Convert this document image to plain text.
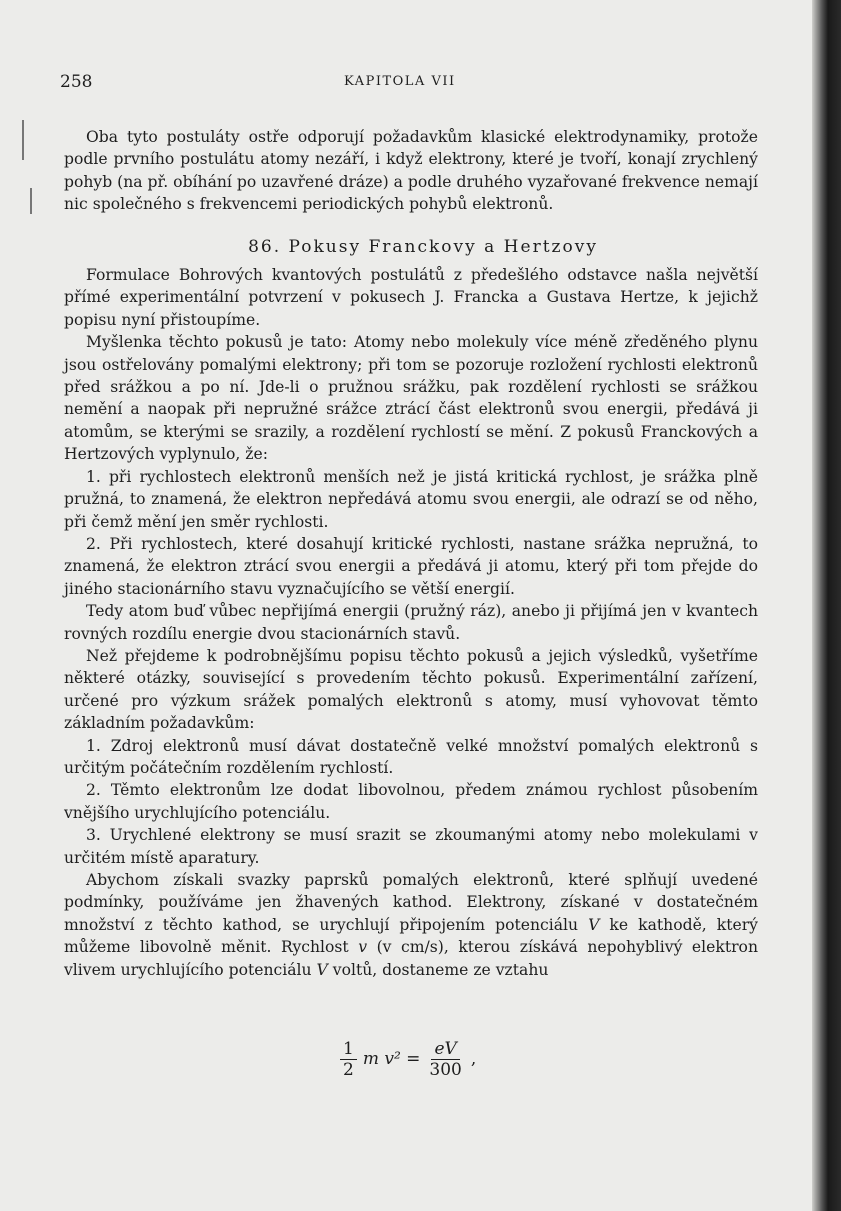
258	KAPITOLA VII

Oba tyto postuláty ostře odporují požadavkům klasické elektrodynamiky, protože podle prvního postulátu atomy nezáří, i když elektrony, které je tvoří, konají zrychlený pohyb (na př. obíhání po uzavřené dráze) a podle druhého vyzařované frekvence nemají nic společného s frekvencemi periodických pohybů elektronů.

86. Pokusy Franckovy a Hertzovy

Formulace Bohrových kvantových postulátů z předešlého odstavce našla největší přímé experimentální potvrzení v pokusech J. Francka a Gustava Hertze, k jejichž popisu nyní přistoupíme.

Myšlenka těchto pokusů je tato: Atomy nebo molekuly více méně zředěného plynu jsou ostřelovány pomalými elektrony; při tom se pozoruje rozložení rychlosti elektronů před srážkou a po ní. Jde-li o pružnou srážku, pak rozdělení rychlosti se srážkou nemění a naopak při nepružné srážce ztrácí část elektronů svou energii, předává ji atomům, se kterými se srazily, a rozdělení rychlostí se mění. Z pokusů Franckových a Hertzových vyplynulo, že:

1. při rychlostech elektronů menších než je jistá kritická rychlost, je srážka plně pružná, to znamená, že elektron nepředává atomu svou energii, ale odrazí se od něho, při čemž mění jen směr rychlosti.

2. Při rychlostech, které dosahují kritické rychlosti, nastane srážka nepružná, to znamená, že elektron ztrácí svou energii a předává ji atomu, který při tom přejde do jiného stacionárního stavu vyznačujícího se větší energií.

Tedy atom buď vůbec nepřijímá energii (pružný ráz), anebo ji přijímá jen v kvantech rovných rozdílu energie dvou stacionárních stavů.

Než přejdeme k podrobnějšímu popisu těchto pokusů a jejich výsledků, vyšetříme některé otázky, související s provedením těchto pokusů. Experimentální zařízení, určené pro výzkum srážek pomalých elektronů s atomy, musí vyhovovat těmto základním požadavkům:

1. Zdroj elektronů musí dávat dostatečně velké množství pomalých elektronů s určitým počátečním rozdělením rychlostí.

2. Těmto elektronům lze dodat libovolnou, předem známou rychlost působením vnějšího urychlujícího potenciálu.

3. Urychlené elektrony se musí srazit se zkoumanými atomy nebo molekulami v určitém místě aparatury.

Abychom získali svazky paprsků pomalých elektronů, které splňují uvedené podmínky, používáme jen žhavených kathod. Elektrony, získané v dostatečném množství z těchto kathod, se urychlují připojením potenciálu V ke kathodě, který můžeme libovolně měnit. Rychlost v (v cm/s), kterou získává nepohyblivý elektron vlivem urychlujícího potenciálu V voltů, dostaneme ze vztahu

$\frac{1}{2}$ m $v^2 = \frac{eV}{300}$ ,
